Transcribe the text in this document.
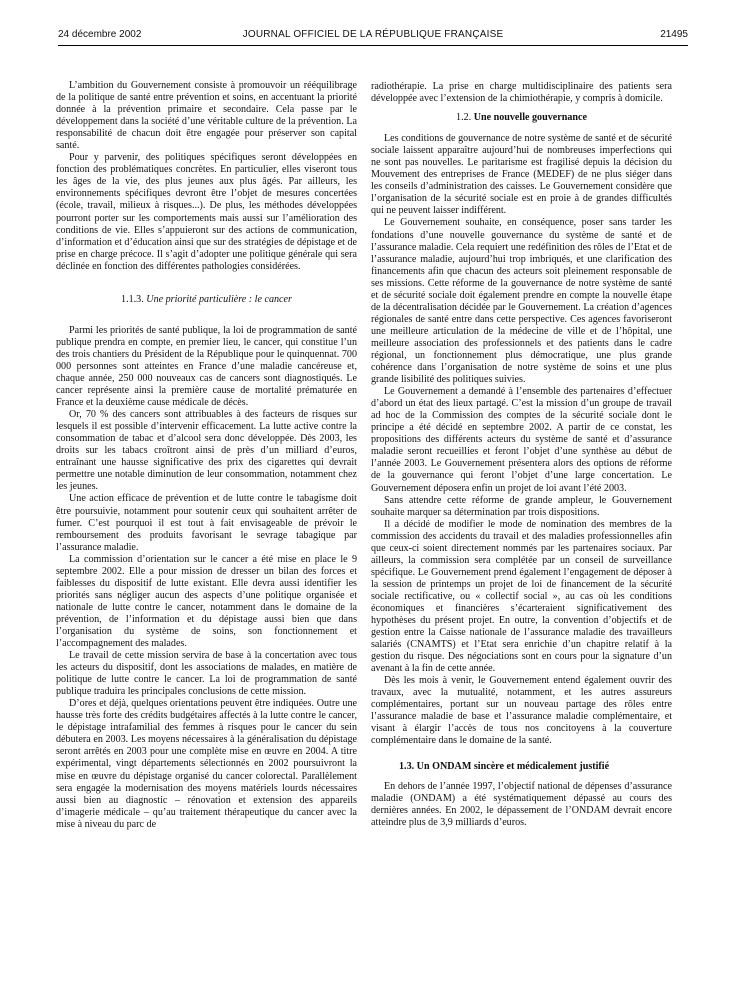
24 décembre 2002	JOURNAL OFFICIEL DE LA RÉPUBLIQUE FRANÇAISE	21495

L’ambition du Gouvernement consiste à promouvoir un rééquilibrage de la politique de santé entre prévention et soins, en accentuant la priorité donnée à la prévention primaire et secondaire. Cela passe par le développement dans la société d’une véritable culture de la prévention. La responsabilité de chacun doit être engagée pour préserver son capital santé.

Pour y parvenir, des politiques spécifiques seront développées en fonction des problématiques concrètes. En particulier, elles viseront tous les âges de la vie, des plus jeunes aux plus âgés. Par ailleurs, les environnements spécifiques devront être l’objet de mesures concertées (école, travail, milieux à risques...). De plus, les méthodes développées pourront porter sur les comportements mais aussi sur l’amélioration des conditions de vie. Elles s’appuieront sur des actions de communication, d’information et d’éducation ainsi que sur des stratégies de dépistage et de prise en charge précoce. Il s’agit d’adopter une politique générale qui sera déclinée en fonction des différentes pathologies considérées.

1.1.3. Une priorité particulière : le cancer

Parmi les priorités de santé publique, la loi de programmation de santé publique prendra en compte, en premier lieu, le cancer, qui constitue l’un des trois chantiers du Président de la République pour le quinquennat. 700 000 personnes sont atteintes en France d’une maladie cancéreuse et, chaque année, 250 000 nouveaux cas de cancers sont diagnostiqués. Le cancer représente ainsi la première cause de mortalité prématurée en France et la deuxième cause médicale de décès.

Or, 70 % des cancers sont attribuables à des facteurs de risques sur lesquels il est possible d’intervenir efficacement. La lutte active contre la consommation de tabac et d’alcool sera donc développée. Dès 2003, les droits sur les tabacs croîtront ainsi de près d’un milliard d’euros, entraînant une hausse significative des prix des cigarettes qui devrait permettre une notable diminution de leur consommation, notamment chez les jeunes.

Une action efficace de prévention et de lutte contre le tabagisme doit être poursuivie, notamment pour soutenir ceux qui souhaitent arrêter de fumer. C’est pourquoi il est tout à fait envisageable de prévoir le remboursement des produits favorisant le sevrage tabagique par l’assurance maladie.

La commission d’orientation sur le cancer a été mise en place le 9 septembre 2002. Elle a pour mission de dresser un bilan des forces et faiblesses du dispositif de lutte existant. Elle devra aussi identifier les priorités sans négliger aucun des aspects d’une politique organisée et nationale de lutte contre le cancer, notamment dans le domaine de la prévention, de l’information et du dépistage aussi bien que dans l’organisation du système de soins, son fonctionnement et l’accompagnement des malades.

Le travail de cette mission servira de base à la concertation avec tous les acteurs du dispositif, dont les associations de malades, en matière de politique de lutte contre le cancer. La loi de programmation de santé publique traduira les principales conclusions de cette mission.

D’ores et déjà, quelques orientations peuvent être indiquées. Outre une hausse très forte des crédits budgétaires affectés à la lutte contre le cancer, le dépistage intrafamilial des femmes à risques pour le cancer du sein débutera en 2003. Les moyens nécessaires à la généralisation du dépistage seront arrêtés en 2003 pour une complète mise en œuvre en 2004. A titre expérimental, vingt départements sélectionnés en 2002 poursuivront la mise en œuvre du dépistage organisé du cancer colorectal. Parallèlement sera engagée la modernisation des moyens matériels lourds nécessaires aussi bien au diagnostic – rénovation et extension des appareils d’imagerie médicale – qu’au traitement thérapeutique du cancer avec la mise à niveau du parc de

radiothérapie. La prise en charge multidisciplinaire des patients sera développée avec l’extension de la chimiothérapie, y compris à domicile.

1.2. Une nouvelle gouvernance

Les conditions de gouvernance de notre système de santé et de sécurité sociale laissent apparaître aujourd’hui de nombreuses imperfections qui ne sont pas nouvelles. Le paritarisme est fragilisé depuis la décision du Mouvement des entreprises de France (MEDEF) de ne plus siéger dans les conseils d’administration des caisses. Le Gouvernement considère que l’organisation de la sécurité sociale est en proie à de grandes difficultés qui ne peuvent laisser indifférent.

Le Gouvernement souhaite, en conséquence, poser sans tarder les fondations d’une nouvelle gouvernance du système de santé et de l’assurance maladie. Cela requiert une redéfinition des rôles de l’Etat et de l’assurance maladie, aujourd’hui trop imbriqués, et une clarification des financements afin que chacun des acteurs soit pleinement responsable de ses missions. Cette réforme de la gouvernance de notre système de santé et de sécurité sociale doit également prendre en compte la nouvelle étape de la décentralisation décidée par le Gouvernement. La création d’agences régionales de santé entre dans cette perspective. Ces agences favoriseront une meilleure articulation de la médecine de ville et de l’hôpital, une meilleure association des professionnels et des patients dans le cadre régional, un fonctionnement plus démocratique, une plus grande cohérence dans l’organisation de notre système de soins et une plus grande lisibilité des politiques suivies.

Le Gouvernement a demandé à l’ensemble des partenaires d’effectuer d’abord un état des lieux partagé. C’est la mission d’un groupe de travail ad hoc de la Commission des comptes de la sécurité sociale dont le principe a été décidé en septembre 2002. A partir de ce constat, les propositions des différents acteurs du système de santé et d’assurance maladie seront recueillies et feront l’objet d’une synthèse au début de l’année 2003. Le Gouvernement présentera alors des options de réforme de la gouvernance qui feront l’objet d’une large concertation. Le Gouvernement déposera enfin un projet de loi avant l’été 2003.

Sans attendre cette réforme de grande ampleur, le Gouvernement souhaite marquer sa détermination par trois dispositions.

Il a décidé de modifier le mode de nomination des membres de la commission des accidents du travail et des maladies professionnelles afin que ceux-ci soient directement nommés par les partenaires sociaux. Par ailleurs, la commission sera complétée par un conseil de surveillance spécifique. Le Gouvernement prend également l’engagement de déposer à la session de printemps un projet de loi de financement de la sécurité sociale rectificative, ou « collectif social », au cas où les conditions économiques et financières s’écarteraient significativement des hypothèses du présent projet. En outre, la convention d’objectifs et de gestion entre la Caisse nationale de l’assurance maladie des travailleurs salariés (CNAMTS) et l’Etat sera enrichie d’un chapitre relatif à la gestion du risque. Des négociations sont en cours pour la signature d’un avenant à la fin de cette année.

Dès les mois à venir, le Gouvernement entend également ouvrir des travaux, avec la mutualité, notamment, et les autres assureurs complémentaires, portant sur un nouveau partage des rôles entre l’assurance maladie de base et l’assurance maladie complémentaire, et visant à élargir l’accès de tous nos concitoyens à la couverture complémentaire dans le domaine de la santé.

1.3. Un ONDAM sincère et médicalement justifié

En dehors de l’année 1997, l’objectif national de dépenses d’assurance maladie (ONDAM) a été systématiquement dépassé au cours des dernières années. En 2002, le dépassement de l’ONDAM devrait encore atteindre plus de 3,9 milliards d’euros.
